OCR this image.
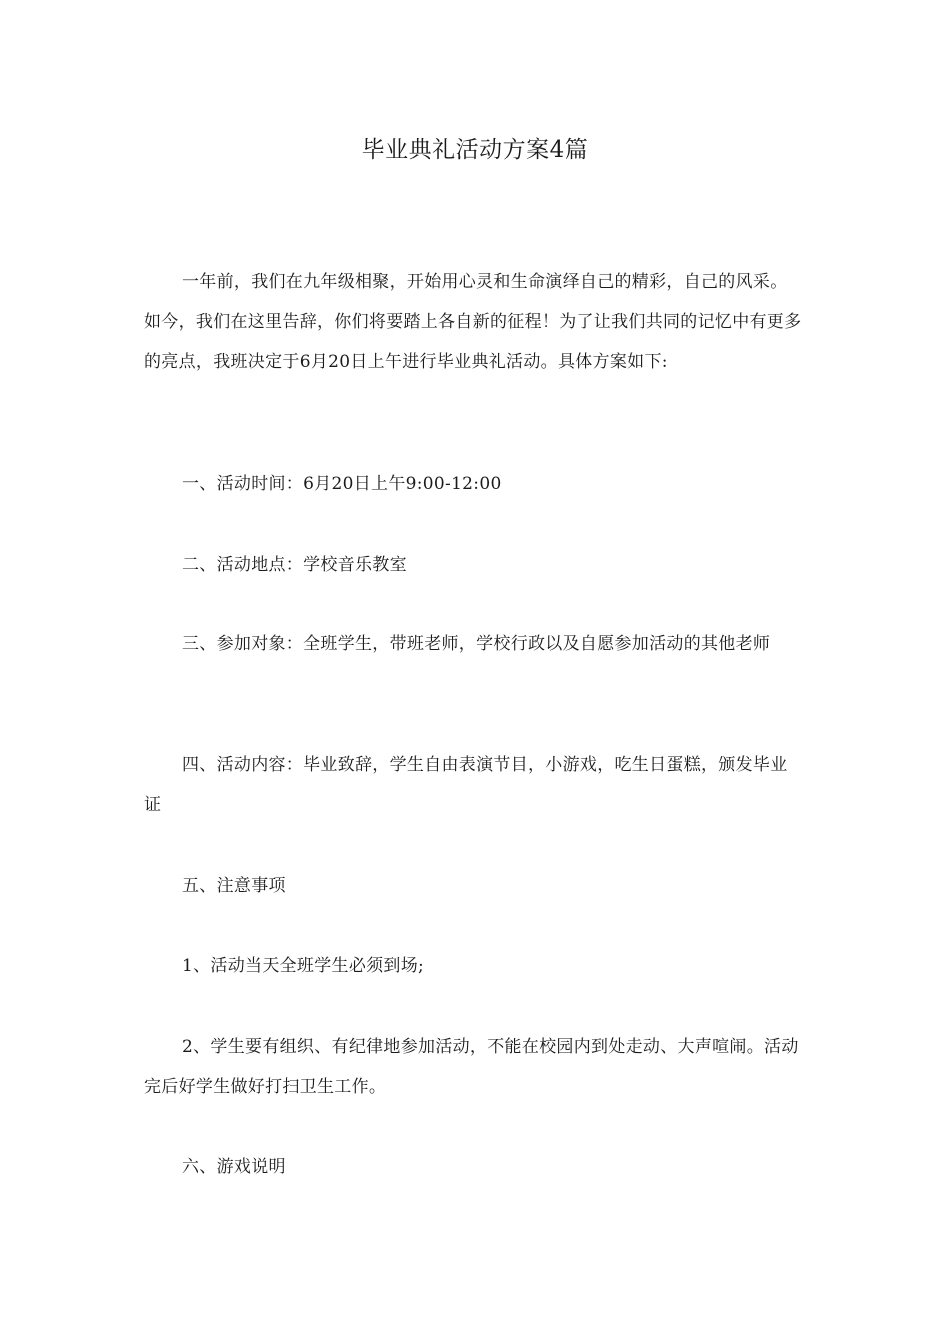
毕业典礼活动方案4篇

一年前，我们在九年级相聚，开始用心灵和生命演绎自己的精彩，自己的风采。如今，我们在这里告辞，你们将要踏上各自新的征程！为了让我们共同的记忆中有更多的亮点，我班决定于6月20日上午进行毕业典礼活动。具体方案如下:

一、活动时间：6月20日上午9:00-12:00

二、活动地点：学校音乐教室

三、参加对象：全班学生，带班老师，学校行政以及自愿参加活动的其他老师

四、活动内容：毕业致辞，学生自由表演节目，小游戏，吃生日蛋糕，颁发毕业证

五、注意事项

1、活动当天全班学生必须到场;

2、学生要有组织、有纪律地参加活动，不能在校园内到处走动、大声喧闹。活动完后好学生做好打扫卫生工作。

六、游戏说明
